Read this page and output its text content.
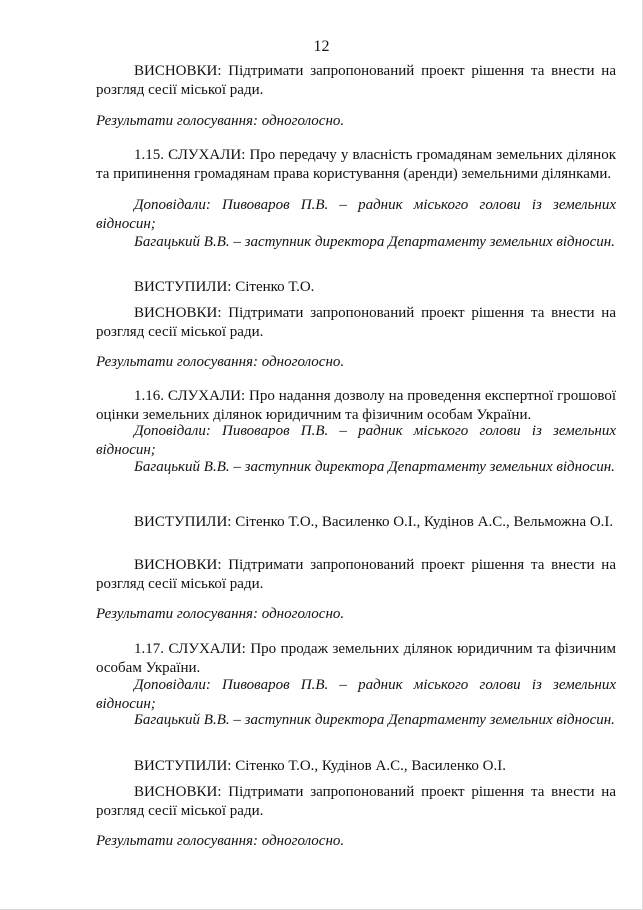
12
ВИСНОВКИ: Підтримати запропонований проект рішення та внести на розгляд сесії міської ради.
Результати голосування: одноголосно.
1.15. СЛУХАЛИ: Про передачу у власність громадянам земельних ділянок та припинення громадянам права користування (аренди) земельними ділянками.
Доповідали: Пивоваров П.В. – радник міського голови із земельних відносин;
Багацький В.В. – заступник директора Департаменту земельних відносин.
ВИСТУПИЛИ: Сітенко Т.О.
ВИСНОВКИ: Підтримати запропонований проект рішення та внести на розгляд сесії міської ради.
Результати голосування: одноголосно.
1.16. СЛУХАЛИ: Про надання дозволу на проведення експертної грошової оцінки земельних ділянок юридичним та фізичним особам України.
Доповідали: Пивоваров П.В. – радник міського голови із земельних відносин;
Багацький В.В. – заступник директора Департаменту земельних відносин.
ВИСТУПИЛИ: Сітенко Т.О., Василенко О.І., Кудінов А.С., Вельможна О.І.
ВИСНОВКИ: Підтримати запропонований проект рішення та внести на розгляд сесії міської ради.
Результати голосування: одноголосно.
1.17. СЛУХАЛИ: Про продаж земельних ділянок юридичним та фізичним особам України.
Доповідали: Пивоваров П.В. – радник міського голови із земельних відносин;
Багацький В.В. – заступник директора Департаменту земельних відносин.
ВИСТУПИЛИ: Сітенко Т.О., Кудінов А.С., Василенко О.І.
ВИСНОВКИ: Підтримати запропонований проект рішення та внести на розгляд сесії міської ради.
Результати голосування: одноголосно.
